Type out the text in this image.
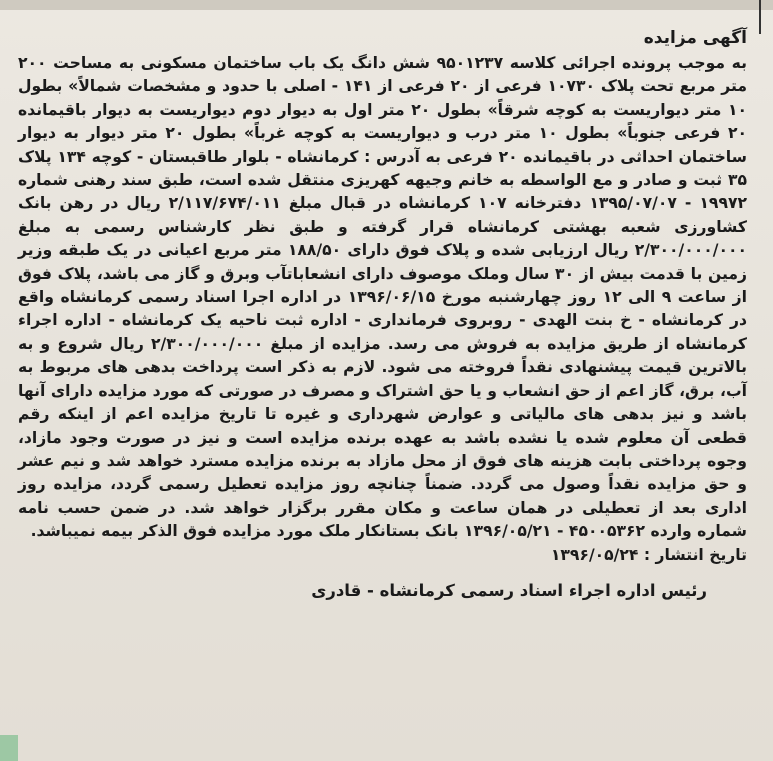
آگهی مزایده

به موجب پرونده اجرائی کلاسه ۹۵۰۱۲۳۷ شش دانگ یک باب ساختمان مسکونی به مساحت ۲۰۰ متر مربع تحت پلاک ۱۰۷۳۰ فرعی از ۲۰ فرعی از ۱۴۱ - اصلی با حدود و مشخصات شمالاً» بطول ۱۰ متر دیواریست به کوچه شرقاً» بطول ۲۰ متر اول به دیوار دوم دیواریست به دیوار باقیمانده ۲۰ فرعی جنوباً» بطول ۱۰ متر درب و دیواریست به کوچه غرباً» بطول ۲۰ متر دیوار به دیوار ساختمان احداثی در باقیمانده ۲۰ فرعی به آدرس : کرمانشاه - بلوار طاقبستان - کوچه ۱۳۴ پلاک ۳۵ ثبت و صادر و مع الواسطه به خانم وجیهه کهریزی منتقل شده است، طبق سند رهنی شماره ۱۹۹۷۲ - ۱۳۹۵/۰۷/۰۷ دفترخانه ۱۰۷ کرمانشاه در قبال مبلغ ۲/۱۱۷/۶۷۴/۰۱۱ ریال در رهن بانک کشاورزی شعبه بهشتی کرمانشاه قرار گرفته و طبق نظر کارشناس رسمی به مبلغ ۲/۳۰۰/۰۰۰/۰۰۰ ریال ارزیابی شده و پلاک فوق دارای ۱۸۸/۵۰ متر مربع اعیانی در یک طبقه وزیر زمین با قدمت بیش از ۳۰ سال وملک موصوف دارای انشعاباتآب وبرق و گاز می باشد، پلاک فوق از ساعت ۹ الی ۱۲ روز چهارشنبه مورخ ۱۳۹۶/۰۶/۱۵ در اداره اجرا اسناد رسمی کرمانشاه واقع در کرمانشاه - خ بنت الهدی - روبروی فرمانداری - اداره ثبت ناحیه یک کرمانشاه - اداره اجراء کرمانشاه از طریق مزایده به فروش می رسد. مزایده از مبلغ ۲/۳۰۰/۰۰۰/۰۰۰ ریال شروع و به بالاترین قیمت پیشنهادی نقداً فروخته می شود. لازم به ذکر است پرداخت بدهی های مربوط به آب، برق، گاز اعم از حق انشعاب و یا حق اشتراک و مصرف در صورتی که مورد مزایده دارای آنها باشد و نیز بدهی های مالیاتی و عوارض شهرداری و غیره تا تاریخ مزایده اعم از اینکه رقم قطعی آن معلوم شده یا نشده باشد به عهده برنده مزایده است و نیز در صورت وجود مازاد، وجوه پرداختی بابت هزینه های فوق از محل مازاد به برنده مزایده مسترد خواهد شد و نیم عشر و حق مزایده نقداً وصول می گردد. ضمناً چنانچه روز مزایده تعطیل رسمی گردد، مزایده روز اداری بعد از تعطیلی در همان ساعت و مکان مقرر برگزار خواهد شد. در ضمن حسب نامه شماره وارده ۴۵۰۰۵۳۶۲ - ۱۳۹۶/۰۵/۲۱ بانک بستانکار ملک مورد مزایده فوق الذکر بیمه نمیباشد.

تاریخ انتشار : ۱۳۹۶/۰۵/۲۴

رئیس اداره اجراء اسناد رسمی کرمانشاه - قادری
